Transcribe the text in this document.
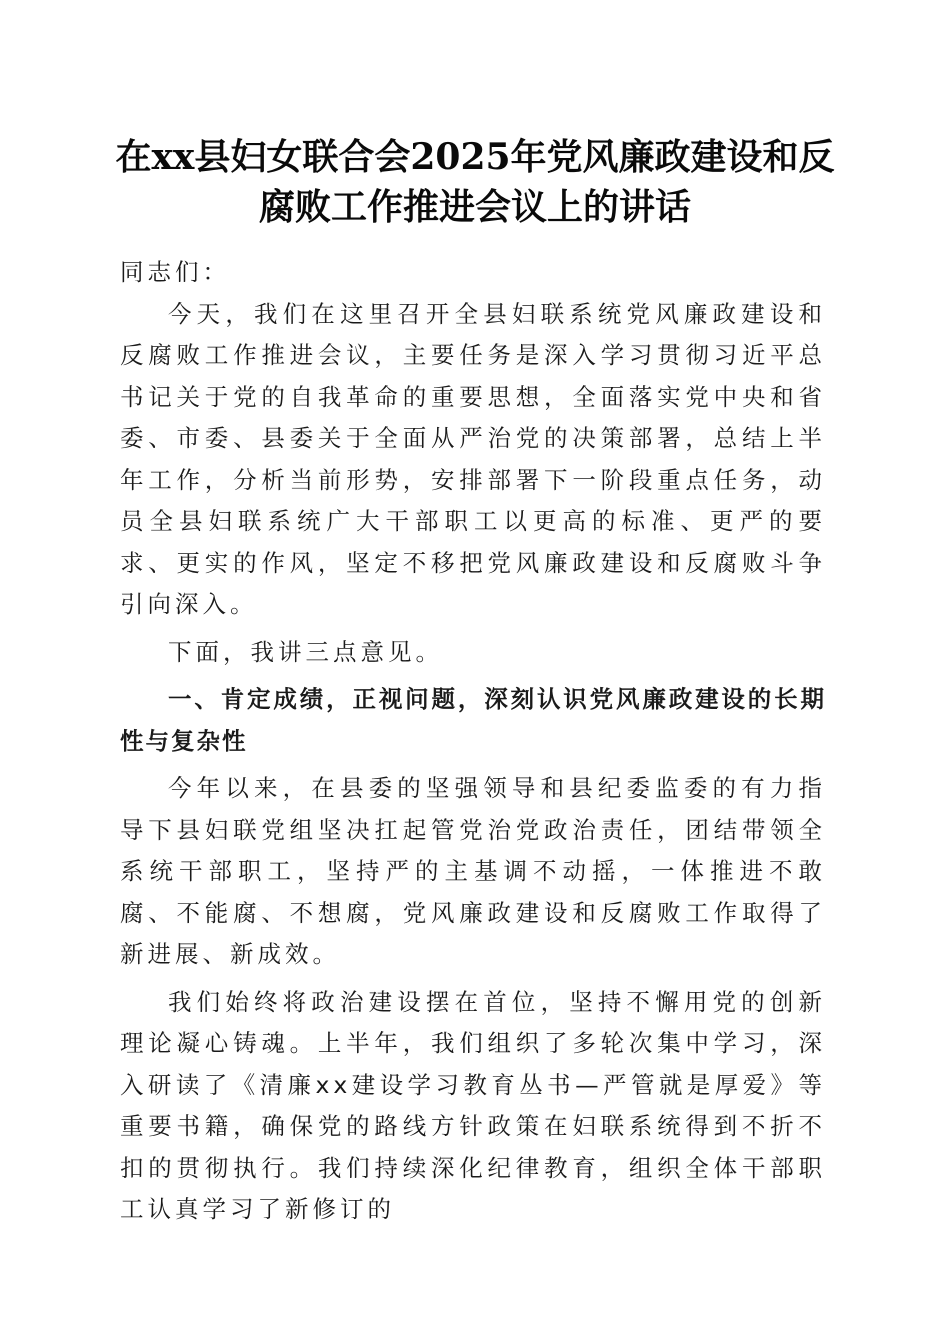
在xx县妇女联合会2025年党风廉政建设和反
腐败工作推进会议上的讲话

同志们：

今天，我们在这里召开全县妇联系统党风廉政建设和反腐败工作推进会议，主要任务是深入学习贯彻习近平总书记关于党的自我革命的重要思想，全面落实党中央和省委、市委、县委关于全面从严治党的决策部署，总结上半年工作，分析当前形势，安排部署下一阶段重点任务，动员全县妇联系统广大干部职工以更高的标准、更严的要求、更实的作风，坚定不移把党风廉政建设和反腐败斗争引向深入。

下面，我讲三点意见。

一、肯定成绩，正视问题，深刻认识党风廉政建设的长期性与复杂性

今年以来，在县委的坚强领导和县纪委监委的有力指导下县妇联党组坚决扛起管党治党政治责任，团结带领全系统干部职工，坚持严的主基调不动摇，一体推进不敢腐、不能腐、不想腐，党风廉政建设和反腐败工作取得了新进展、新成效。

我们始终将政治建设摆在首位，坚持不懈用党的创新理论凝心铸魂。上半年，我们组织了多轮次集中学习，深入研读了《清廉xx建设学习教育丛书—严管就是厚爱》等重要书籍，确保党的路线方针政策在妇联系统得到不折不扣的贯彻执行。我们持续深化纪律教育，组织全体干部职工认真学习了新修订的
